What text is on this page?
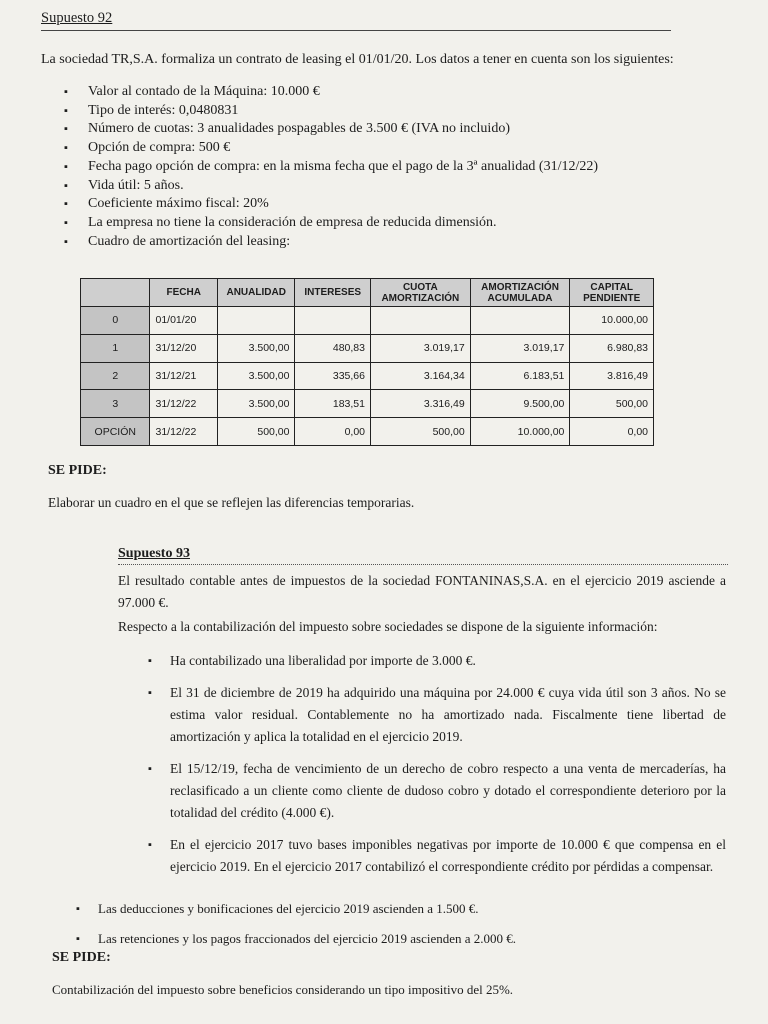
Supuesto 92
La sociedad TR,S.A. formaliza un contrato de leasing el 01/01/20. Los datos a tener en cuenta son los siguientes:
▪ Valor al contado de la Máquina: 10.000 €
▪ Tipo de interés: 0,0480831
▪ Número de cuotas: 3 anualidades pospagables de 3.500 € (IVA no incluido)
▪ Opción de compra: 500 €
▪ Fecha pago opción de compra: en la misma fecha que el pago de la 3ª anualidad (31/12/22)
▪ Vida útil: 5 años.
▪ Coeficiente máximo fiscal: 20%
▪ La empresa no tiene la consideración de empresa de reducida dimensión.
▪ Cuadro de amortización del leasing:
	FECHA	ANUALIDAD	INTERESES	CUOTA AMORTIZACIÓN	AMORTIZACIÓN ACUMULADA	CAPITAL PENDIENTE
0	01/01/20					10.000,00
1	31/12/20	3.500,00	480,83	3.019,17	3.019,17	6.980,83
2	31/12/21	3.500,00	335,66	3.164,34	6.183,51	3.816,49
3	31/12/22	3.500,00	183,51	3.316,49	9.500,00	500,00
OPCIÓN	31/12/22	500,00	0,00	500,00	10.000,00	0,00
SE PIDE:
Elaborar un cuadro en el que se reflejen las diferencias temporarias.
Supuesto 93
El resultado contable antes de impuestos de la sociedad FONTANINAS,S.A. en el ejercicio 2019 asciende a 97.000 €.
Respecto a la contabilización del impuesto sobre sociedades se dispone de la siguiente información:
▪ Ha contabilizado una liberalidad por importe de 3.000 €.
▪ El 31 de diciembre de 2019 ha adquirido una máquina por 24.000 € cuya vida útil son 3 años. No se estima valor residual. Contablemente no ha amortizado nada. Fiscalmente tiene libertad de amortización y aplica la totalidad en el ejercicio 2019.
▪ El 15/12/19, fecha de vencimiento de un derecho de cobro respecto a una venta de mercaderías, ha reclasificado a un cliente como cliente de dudoso cobro y dotado el correspondiente deterioro por la totalidad del crédito (4.000 €).
▪ En el ejercicio 2017 tuvo bases imponibles negativas por importe de 10.000 € que compensa en el ejercicio 2019. En el ejercicio 2017 contabilizó el correspondiente crédito por pérdidas a compensar.
▪ Las deducciones y bonificaciones del ejercicio 2019 ascienden a 1.500 €.
▪ Las retenciones y los pagos fraccionados del ejercicio 2019 ascienden a 2.000 €.
SE PIDE:
Contabilización del impuesto sobre beneficios considerando un tipo impositivo del 25%.
